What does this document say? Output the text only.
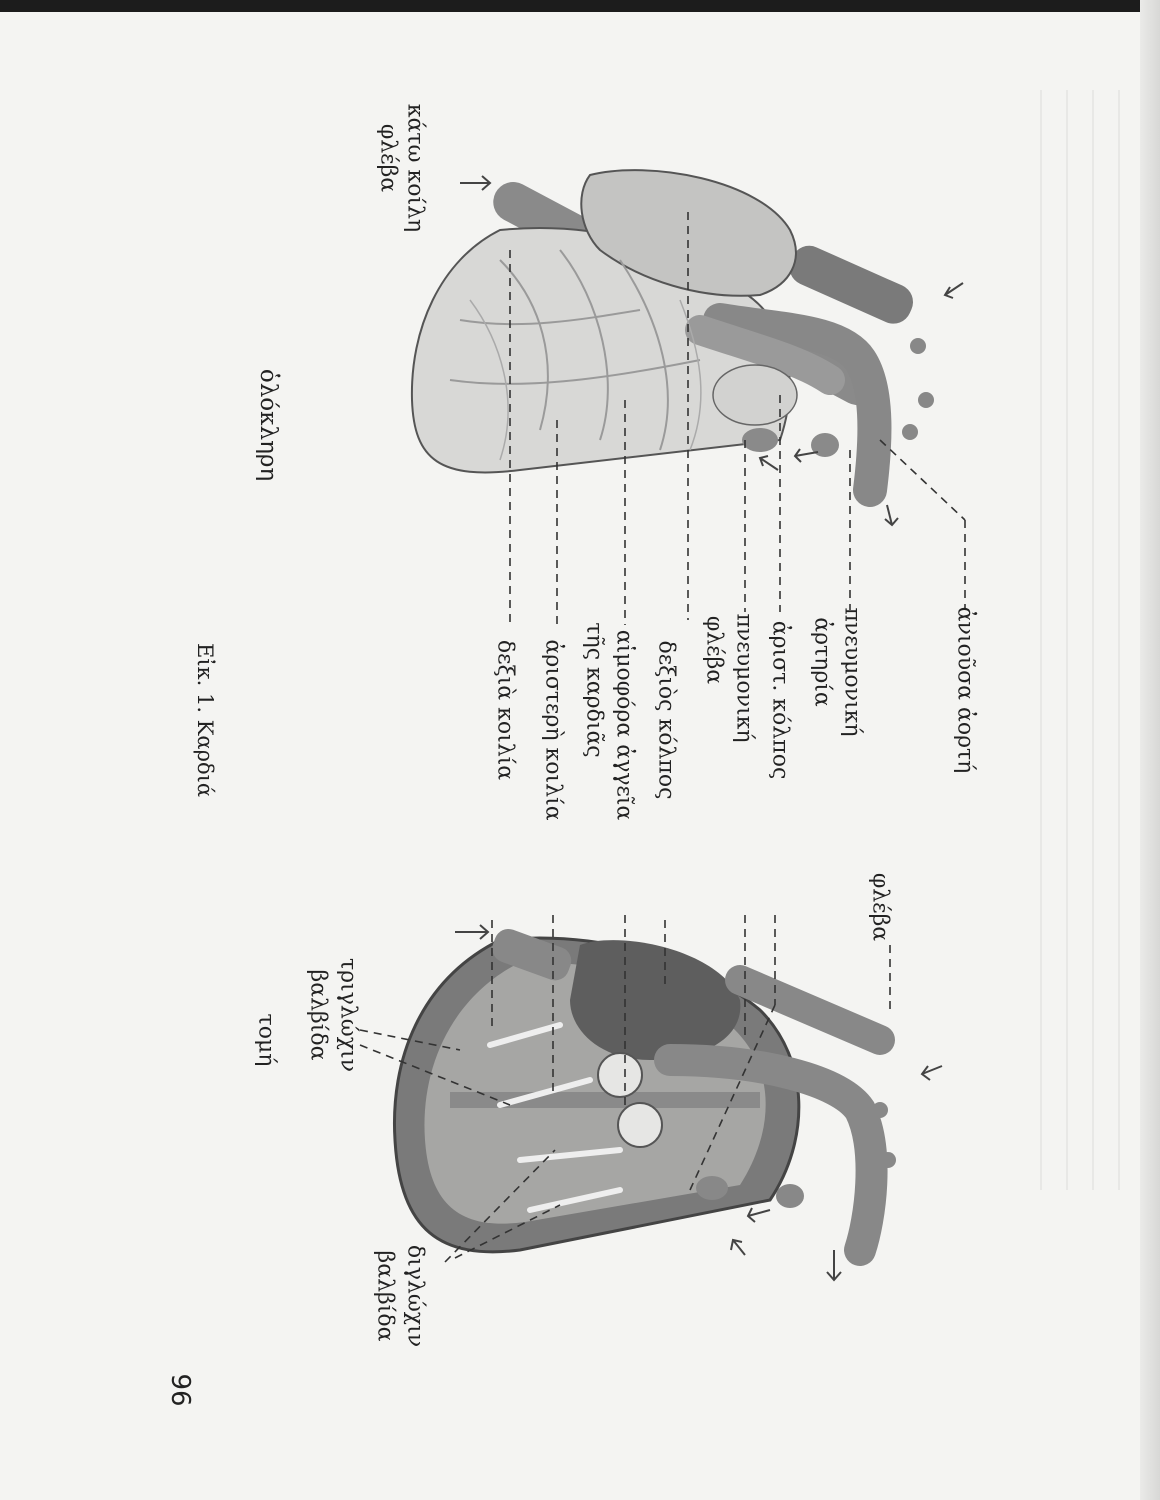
κάτω κοίλη
φλέβα
ὁλόκληρη
ἀνιοῦσα ἀορτή
πνευμονική
ἀρτηρία
ἀριστ. κόλπος
πνευμονική
φλέβα
δεξιὸς κόλπος
αἱμοφόρα ἀγγεῖα
τῆς καρδιᾶς
ἀριστερὴ κοιλία
δεξιὰ κοιλία
φλέβα
Εἰκ. 1. Καρδιά
τριγλώχιν
βαλβίδα
τομή
διγλώχιν
βαλβίδα
96
